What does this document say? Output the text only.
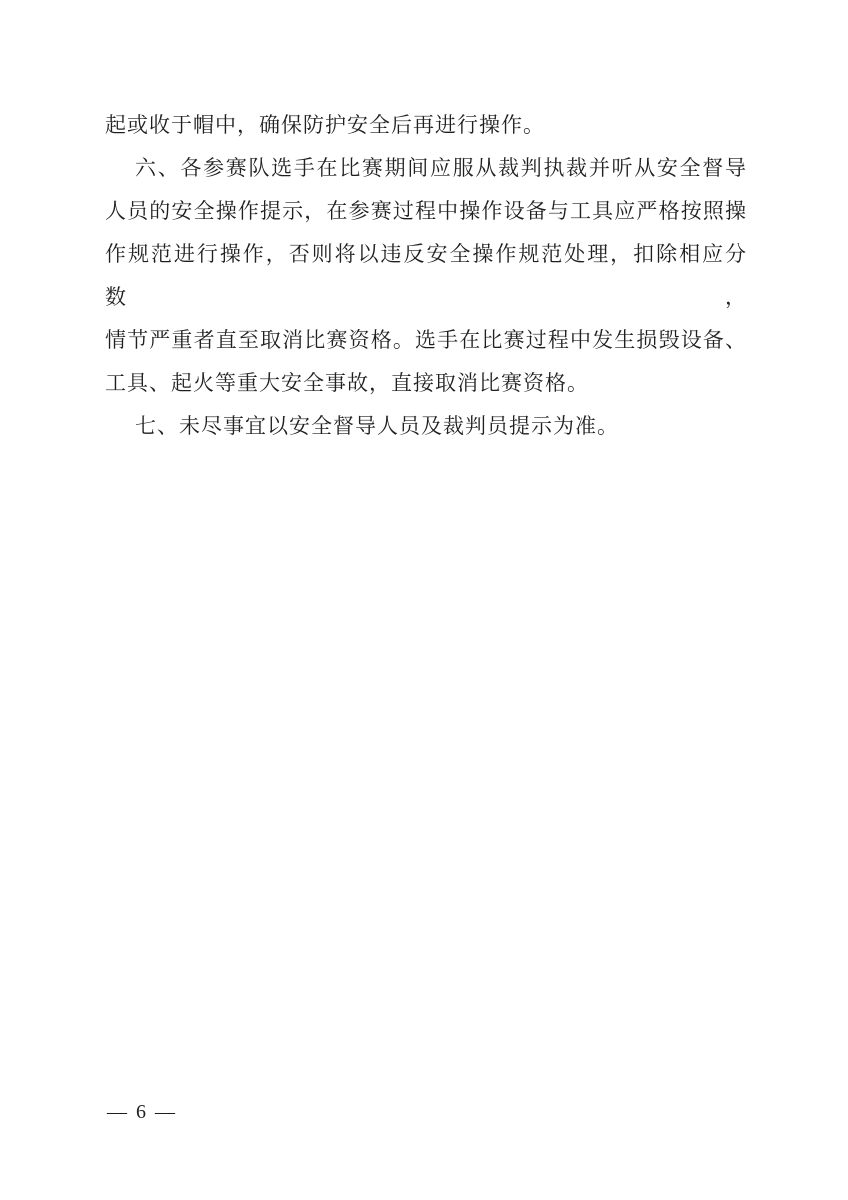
起或收于帽中，确保防护安全后再进行操作。

六、各参赛队选手在比赛期间应服从裁判执裁并听从安全督导

人员的安全操作提示，在参赛过程中操作设备与工具应严格按照操

作规范进行操作，否则将以违反安全操作规范处理，扣除相应分数，

情节严重者直至取消比赛资格。选手在比赛过程中发生损毁设备、

工具、起火等重大安全事故，直接取消比赛资格。

七、未尽事宜以安全督导人员及裁判员提示为准。

— 6 —
